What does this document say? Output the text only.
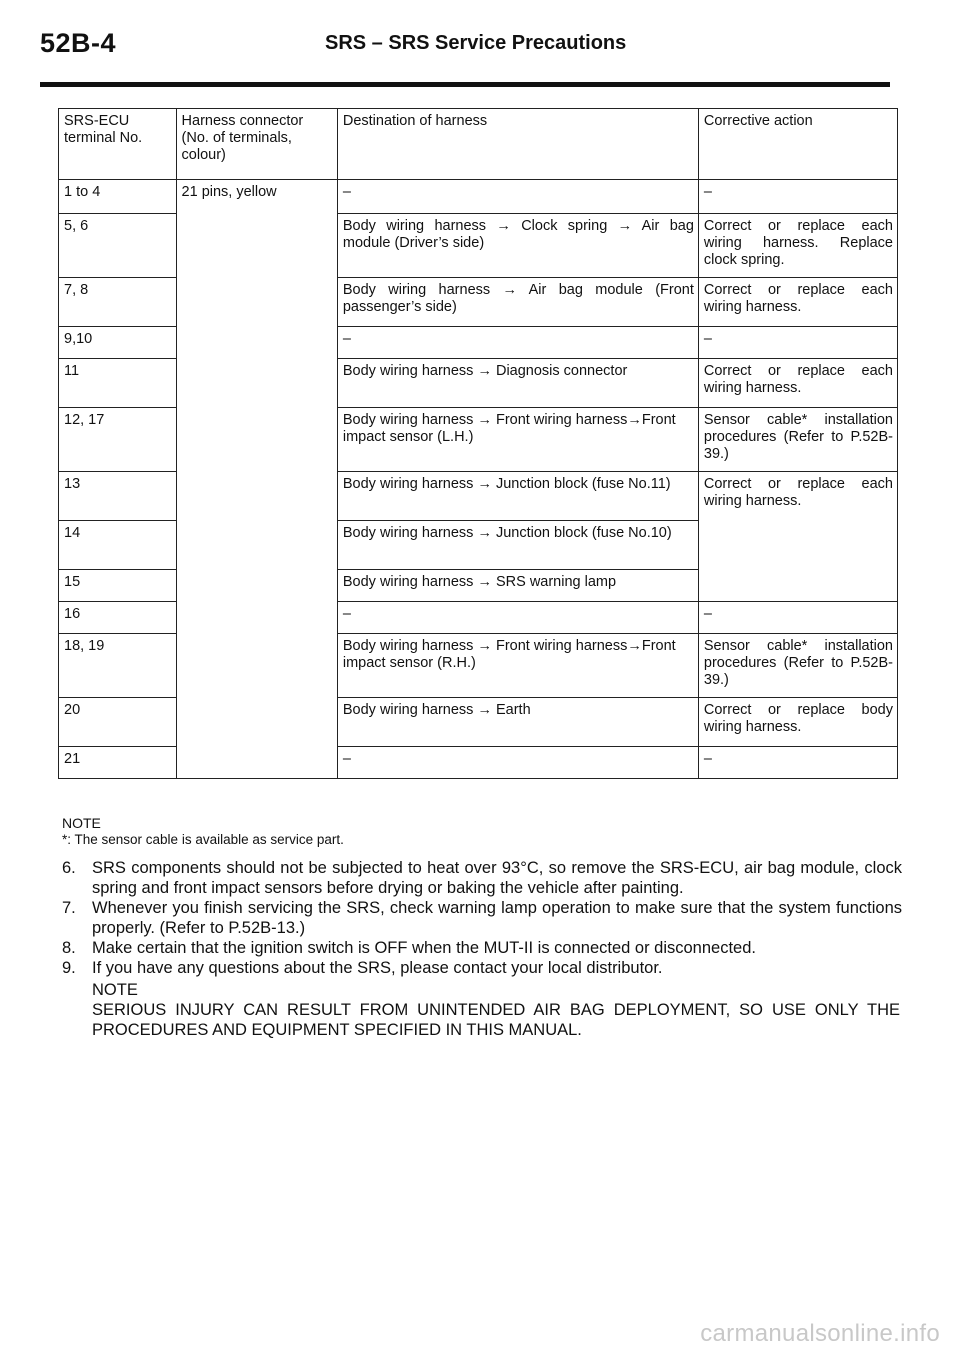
52B-4	SRS – SRS Service Precautions
SRS-ECU terminal No.	Harness connector (No. of terminals, colour)	Destination of harness	Corrective action
1 to 4	21 pins, yellow	–	–
5, 6		Body wiring harness → Clock spring → Air bag module (Driver’s side)	Correct or replace each wiring harness. Replace clock spring.
7, 8		Body wiring harness → Air bag module (Front passenger’s side)	Correct or replace each wiring harness.
9,10		–	–
11		Body wiring harness → Diagnosis connector	Correct or replace each wiring harness.
12, 17		Body wiring harness → Front wiring harness→Front impact sensor (L.H.)	Sensor cable* installation procedures (Refer to P.52B-39.)
13		Body wiring harness → Junction block (fuse No.11)	Correct or replace each wiring harness.
14		Body wiring harness → Junction block (fuse No.10)	
15		Body wiring harness → SRS warning lamp	
16		–	–
18, 19		Body wiring harness → Front wiring harness→Front impact sensor (R.H.)	Sensor cable* installation procedures (Refer to P.52B-39.)
20		Body wiring harness → Earth	Correct or replace body wiring harness.
21		–	–
NOTE
*: The sensor cable is available as service part.
6. SRS components should not be subjected to heat over 93°C, so remove the SRS-ECU, air bag module, clock spring and front impact sensors before drying or baking the vehicle after painting.
7. Whenever you finish servicing the SRS, check warning lamp operation to make sure that the system functions properly. (Refer to P.52B-13.)
8. Make certain that the ignition switch is OFF when the MUT-II is connected or disconnected.
9. If you have any questions about the SRS, please contact your local distributor.
NOTE
SERIOUS INJURY CAN RESULT FROM UNINTENDED AIR BAG DEPLOYMENT, SO USE ONLY THE PROCEDURES AND EQUIPMENT SPECIFIED IN THIS MANUAL.
carmanualsonline.info
